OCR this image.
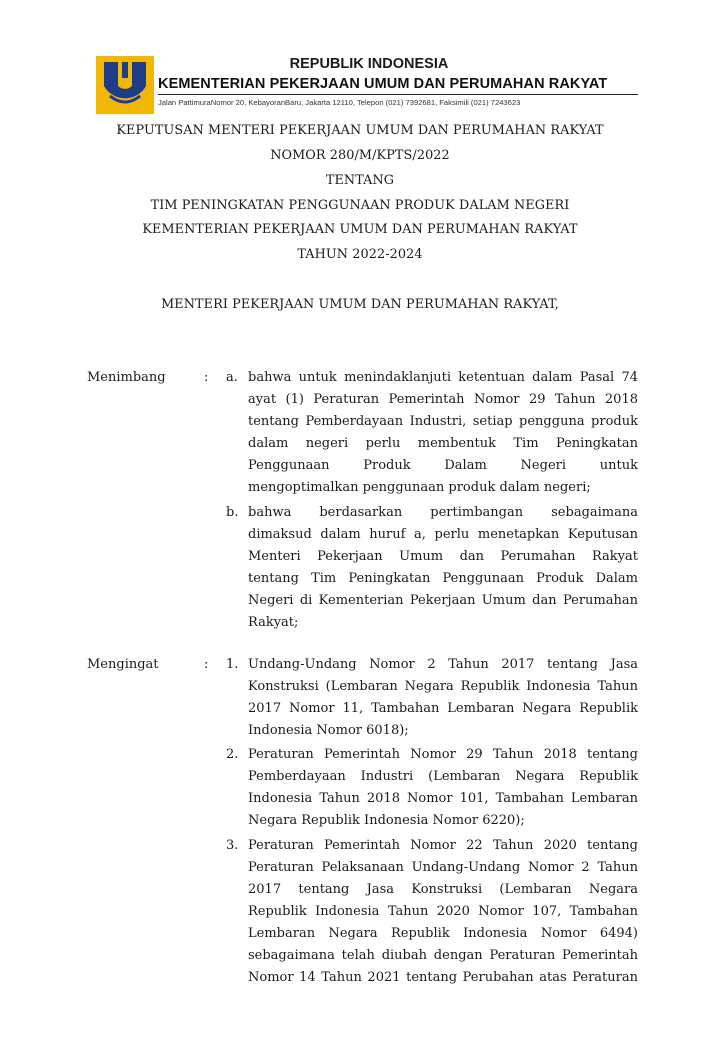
REPUBLIK INDONESIA
KEMENTERIAN PEKERJAAN UMUM DAN PERUMAHAN RAKYAT
Jalan PattimuraNomor 20, KebayoranBaru, Jakarta 12110, Telepon (021) 7392681, Faksimili (021) 7243623
KEPUTUSAN MENTERI PEKERJAAN UMUM DAN PERUMAHAN RAKYAT
NOMOR 280/M/KPTS/2022
TENTANG
TIM PENINGKATAN PENGGUNAAN PRODUK DALAM NEGERI
KEMENTERIAN PEKERJAAN UMUM DAN PERUMAHAN RAKYAT
TAHUN 2022-2024
MENTERI PEKERJAAN UMUM DAN PERUMAHAN RAKYAT,
Menimbang	: a. bahwa untuk menindaklanjuti ketentuan dalam Pasal 74
ayat (1) Peraturan Pemerintah Nomor 29 Tahun 2018
tentang Pemberdayaan Industri, setiap pengguna produk
dalam negeri perlu membentuk Tim Peningkatan
Penggunaan Produk Dalam Negeri untuk
mengoptimalkan penggunaan produk dalam negeri;
b. bahwa berdasarkan pertimbangan sebagaimana
dimaksud dalam huruf a, perlu menetapkan Keputusan
Menteri Pekerjaan Umum dan Perumahan Rakyat
tentang Tim Peningkatan Penggunaan Produk Dalam
Negeri di Kementerian Pekerjaan Umum dan Perumahan
Rakyat;
Mengingat	: 1. Undang-Undang Nomor 2 Tahun 2017 tentang Jasa
Konstruksi (Lembaran Negara Republik Indonesia Tahun
2017 Nomor 11, Tambahan Lembaran Negara Republik
Indonesia Nomor 6018);
2. Peraturan Pemerintah Nomor 29 Tahun 2018 tentang
Pemberdayaan Industri (Lembaran Negara Republik
Indonesia Tahun 2018 Nomor 101, Tambahan Lembaran
Negara Republik Indonesia Nomor 6220);
3. Peraturan Pemerintah Nomor 22 Tahun 2020 tentang
Peraturan Pelaksanaan Undang-Undang Nomor 2 Tahun
2017 tentang Jasa Konstruksi (Lembaran Negara
Republik Indonesia Tahun 2020 Nomor 107, Tambahan
Lembaran Negara Republik Indonesia Nomor 6494)
sebagaimana telah diubah dengan Peraturan Pemerintah
Nomor 14 Tahun 2021 tentang Perubahan atas Peraturan
